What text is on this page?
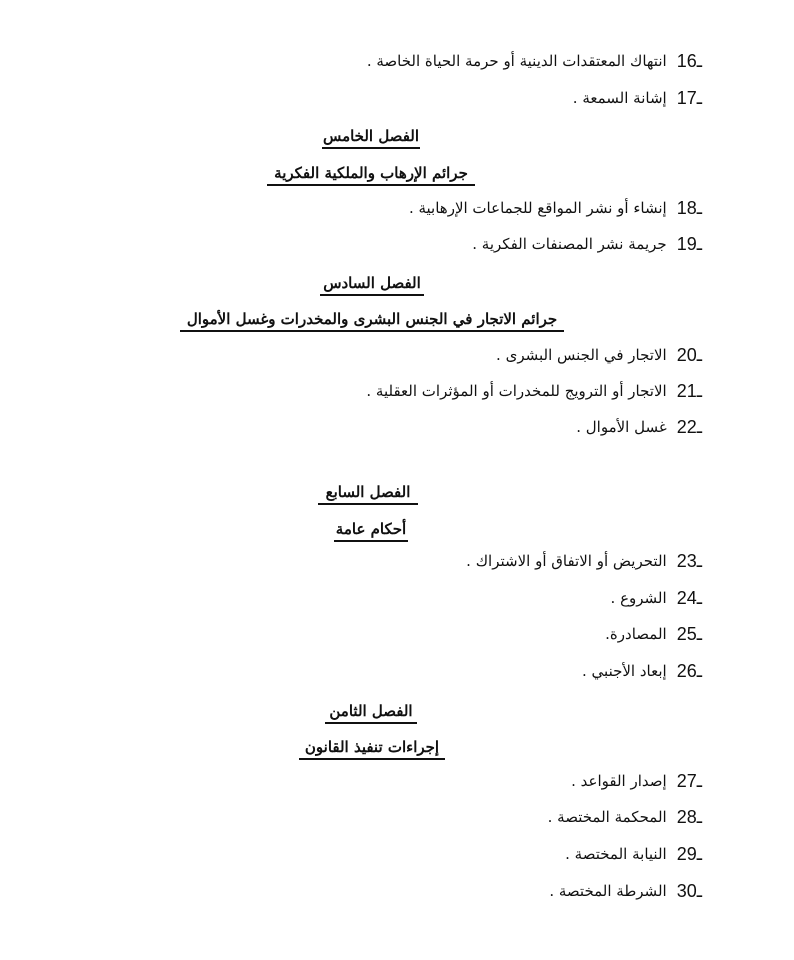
انتهاك المعتقدات الدينية أو حرمة الحياة الخاصة . 16ـ
إشانة السمعة . 17ـ
الفصل الخامس
جرائم الإرهاب والملكية الفكرية
إنشاء أو نشر المواقع للجماعات الإرهابية . 18ـ
جريمة نشر المصنفات الفكرية . 19ـ
الفصل السادس
جرائم الاتجار في الجنس البشرى والمخدرات وغسل الأموال
الاتجار في الجنس البشرى . 20ـ
الاتجار أو الترويج للمخدرات أو المؤثرات العقلية . 21ـ
غسل الأموال . 22ـ
الفصل السابع
أحكام عامة
التحريض أو الاتفاق أو الاشتراك . 23ـ
الشروع . 24ـ
المصادرة. 25ـ
إبعاد الأجنبي . 26ـ
الفصل الثامن
إجراءات تنفيذ القانون
إصدار القواعد . 27ـ
المحكمة المختصة . 28ـ
النيابة المختصة . 29ـ
الشرطة المختصة . 30ـ
